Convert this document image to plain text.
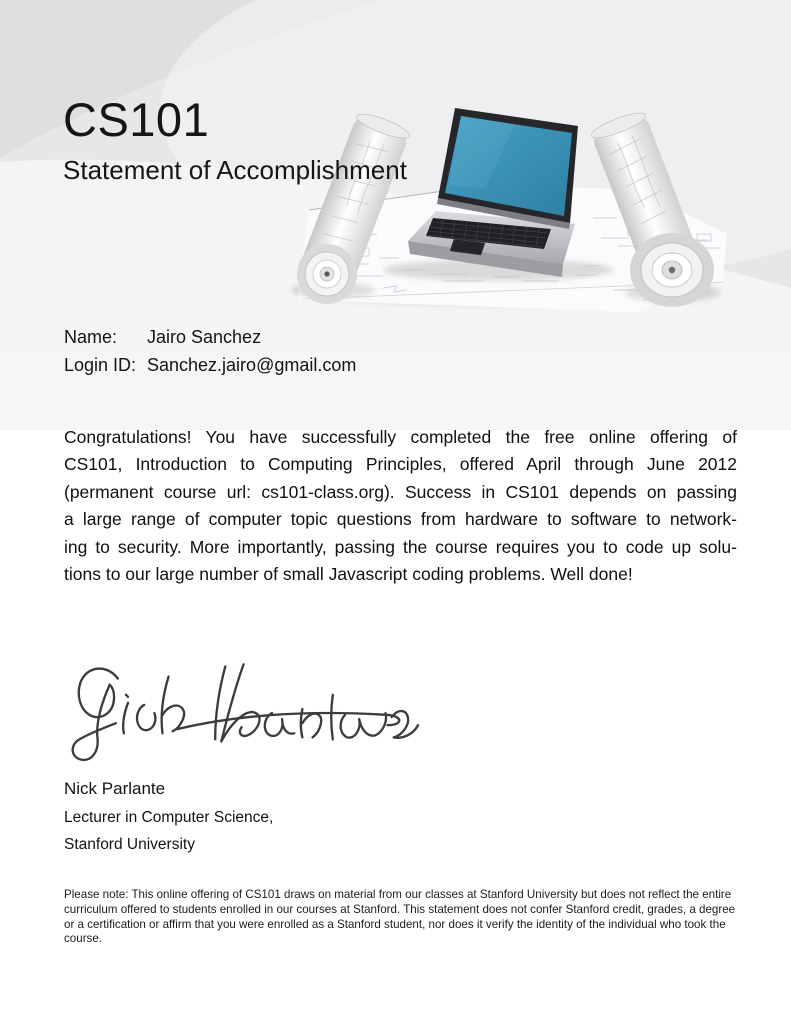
CS101
Statement of Accomplishment
Name:	Jairo Sanchez
Login ID: Sanchez.jairo@gmail.com
Congratulations! You have successfully completed the free online offering of
CS101, Introduction to Computing Principles, offered April through June 2012
(permanent course url: cs101-class.org). Success in CS101 depends on passing
a large range of computer topic questions from hardware to software to network-
ing to security. More importantly, passing the course requires you to code up solu-
tions to our large number of small Javascript coding problems. Well done!
Nick Parlante
Lecturer in Computer Science,
Stanford University
Please note: This online offering of CS101 draws on material from our classes at Stanford University but does not reflect the entire curriculum offered to students enrolled in our courses at Stanford. This statement does not confer Stanford credit, grades, a degree or a certification or affirm that you were enrolled as a Stanford student, nor does it verify the identity of the individual who took the course.
